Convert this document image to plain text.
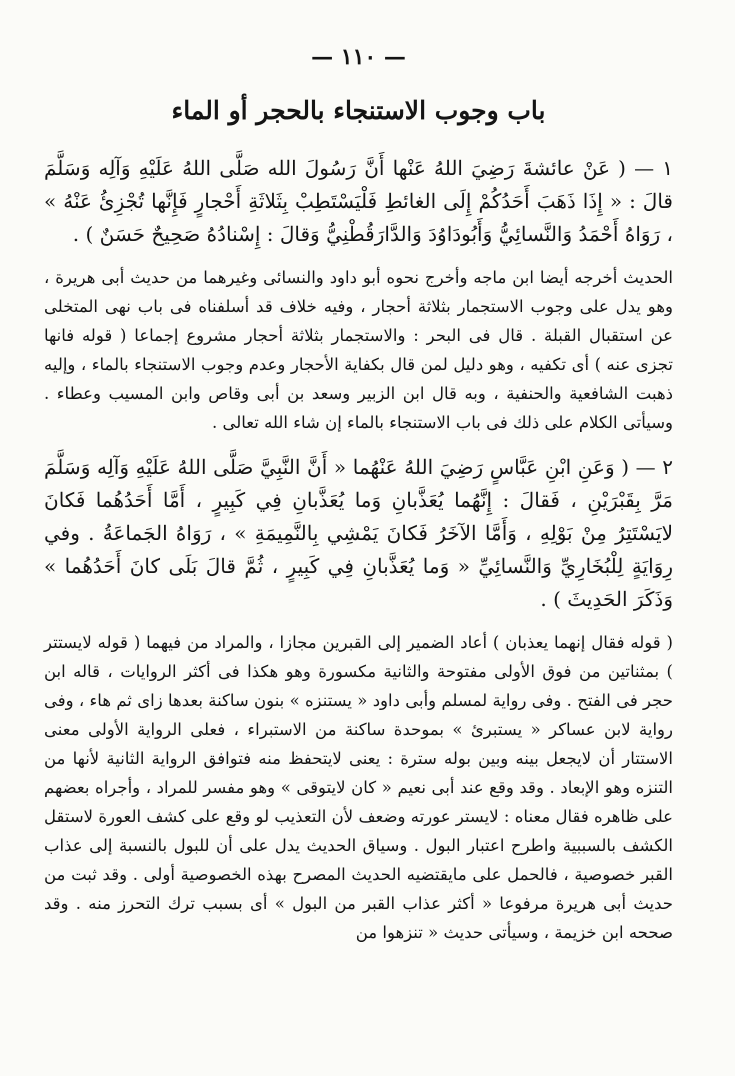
— ١١٠ —
باب وجوب الاستنجاء بالحجر أو الماء

١ — ( عَنْ عائشةَ رَضِيَ اللهُ عَنْها أَنَّ رَسُولَ الله صَلَّى اللهُ عَلَيْهِ وَآلِه وَسَلَّمَ قالَ : « إِذَا ذَهَبَ أَحَدُكُمْ إِلَى الغائطِ فَلْيَسْتَطِبْ بِثَلاثَةِ أَحْجارٍ فَإِنَّها تُجْزِئُ عَنْهُ » ، رَوَاهُ أَحْمَدُ وَالنَّسائِيُّ وَأَبُودَاوُدَ وَالدَّارَقُطْنِيُّ وَقالَ : إِسْنادُهُ صَحِيحٌ حَسَنٌ ) .

الحديث أخرجه أيضا ابن ماجه وأخرج نحوه أبو داود والنسائى وغيرهما من حديث أبى هريرة ، وهو يدل على وجوب الاستجمار بثلاثة أحجار ، وفيه خلاف قد أسلفناه فى باب نهى المتخلى عن استقبال القبلة . قال فى البحر : والاستجمار بثلاثة أحجار مشروع إجماعا ( قوله فانها تجزى عنه ) أى تكفيه ، وهو دليل لمن قال بكفاية الأحجار وعدم وجوب الاستنجاء بالماء ، وإليه ذهبت الشافعية والحنفية ، وبه قال ابن الزبير وسعد بن أبى وقاص وابن المسيب وعطاء . وسيأتى الكلام على ذلك فى باب الاستنجاء بالماء إن شاء الله تعالى .

٢ — ( وَعَنِ ابْنِ عَبَّاسٍ رَضِيَ اللهُ عَنْهُما « أَنَّ النَّبِيَّ صَلَّى اللهُ عَلَيْهِ وَآلِه وَسَلَّمَ مَرَّ بِقَبْرَيْنِ ، فَقالَ : إِنَّهُما يُعَذَّبانِ وَما يُعَذَّبانِ فِي كَبِيرٍ ، أَمَّا أَحَدُهُما فَكانَ لايَسْتَتِرُ مِنْ بَوْلِهِ ، وَأَمَّا الآخَرُ فَكانَ يَمْشِي بِالنَّمِيمَةِ » ، رَوَاهُ الجَماعَةُ . وفي رِوَايَةٍ لِلْبُخَارِيِّ وَالنَّسائِيِّ « وَما يُعَذَّبانِ فِي كَبِيرٍ ، ثُمَّ قالَ بَلَى كانَ أَحَدُهُما » وَذَكَرَ الحَدِيثَ ) .

( قوله فقال إنهما يعذبان ) أعاد الضمير إلى القبرين مجازا ، والمراد من فيهما ( قوله لايستتر ) بمثناتين من فوق الأولى مفتوحة والثانية مكسورة وهو هكذا فى أكثر الروايات ، قاله ابن حجر فى الفتح . وفى رواية لمسلم وأبى داود « يستنزه » بنون ساكنة بعدها زاى ثم هاء ، وفى رواية لابن عساكر « يستبرئ » بموحدة ساكنة من الاستبراء ، فعلى الرواية الأولى معنى الاستتار أن لايجعل بينه وبين بوله سترة : يعنى لايتحفظ منه فتوافق الرواية الثانية لأنها من التنزه وهو الإبعاد . وقد وقع عند أبى نعيم « كان لايتوقى » وهو مفسر للمراد ، وأجراه بعضهم على ظاهره فقال معناه : لايستر عورته وضعف لأن التعذيب لو وقع على كشف العورة لاستقل الكشف بالسببية واطرح اعتبار البول . وسياق الحديث يدل على أن للبول بالنسبة إلى عذاب القبر خصوصية ، فالحمل على مايقتضيه الحديث المصرح بهذه الخصوصية أولى . وقد ثبت من حديث أبى هريرة مرفوعا « أكثر عذاب القبر من البول » أى بسبب ترك التحرز منه . وقد صححه ابن خزيمة ، وسيأتى حديث « تنزهوا من
